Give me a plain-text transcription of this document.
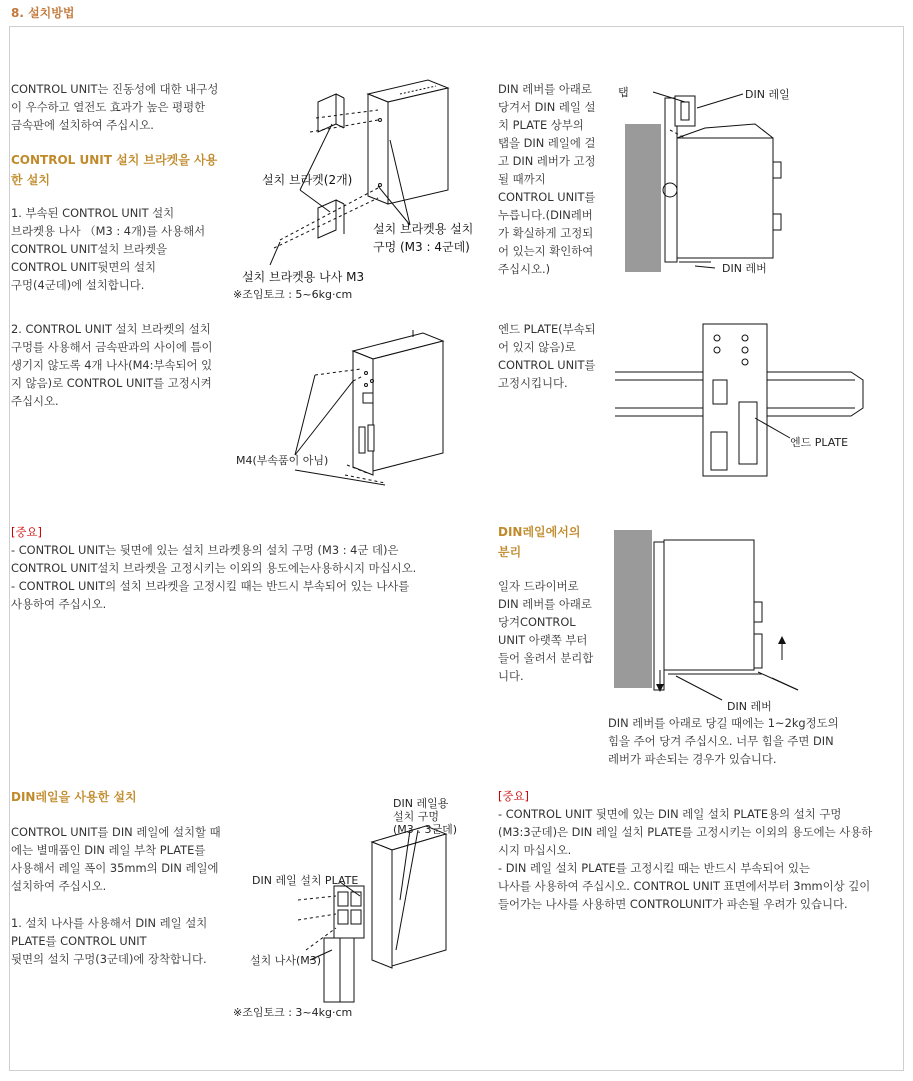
8. 설치방법

CONTROL UNIT는 진동성에 대한 내구성

이 우수하고 열전도 효과가 높은 평평한

금속판에 설치하여 주십시오.

CONTROL UNIT 설치 브라켓을 사용

한 설치

1. 부속된 CONTROL UNIT 설치

브라켓용 나사 （M3 : 4개)를 사용해서

CONTROL UNIT설치 브라켓을

CONTROL UNIT뒷면의 설치

구멍(4군데)에 설치합니다.

2. CONTROL UNIT 설치 브라켓의 설치

구멍를 사용해서 금속판과의 사이에 틈이

생기지 않도록 4개 나사(M4:부속되어 있

지 않음)로 CONTROL UNIT를 고정시켜

주십시오.

[중요]

- CONTROL UNIT는 뒷면에 있는 설치 브라켓용의 설치 구멍 (M3 : 4군 데)은

CONTROL UNIT설치 브라켓을 고정시키는 이외의 용도에는사용하시지 마십시오.

- CONTROL UNIT의 설치 브라켓을 고정시킬 때는 반드시 부속되어 있는 나사를

사용하여 주십시오.

DIN레일을 사용한 설치

CONTROL UNIT를 DIN 레일에 설치할 때

에는 별매품인 DIN 레일 부착 PLATE를

사용해서 레일 폭이 35mm의 DIN 레일에

설치하여 주십시오.

1. 설치 나사를 사용해서 DIN 레일 설치

PLATE를 CONTROL UNIT

뒷면의 설치 구멍(3군데)에 장착합니다.

설치 브라켓(2개)
설치 브라켓용 설치
구멍 (M3 : 4군데)
설치 브라켓용 나사 M3
※조임토크 : 5~6kg·cm
M4(부속품이 아님)
DIN 레일용
설치 구멍
(M3 : 3군데)
DIN 레일 설치 PLATE
설치 나사(M3)
※조임토크 : 3~4kg·cm

DIN 레버를 아래로

당겨서 DIN 레일 설

치 PLATE 상부의

탭을 DIN 레일에 걸

고 DIN 레버가 고정

될 때까지

CONTROL UNIT를

누릅니다.(DIN레버

가 확실하게 고정되

어 있는지 확인하여

주십시오.)

엔드 PLATE(부속되

어 있지 않음)로

CONTROL UNIT를

고정시킵니다.

DIN레일에서의

분리

일자 드라이버로

DIN 레버를 아래로

당겨CONTROL

UNIT 아랫쪽 부터

들어 올려서 분리합

니다.

DIN 레버를 아래로 당길 때에는 1~2kg정도의

힘을 주어 당겨 주십시오. 너무 힘을 주면 DIN

레버가 파손되는 경우가 있습니다.

[중요]

- CONTROL UNIT 뒷면에 있는 DIN 레일 설치 PLATE용의 설치 구멍

(M3:3군데)은 DIN 레일 설치 PLATE를 고정시키는 이외의 용도에는 사용하

시지 마십시오.

- DIN 레일 설치 PLATE를 고정시킬 때는 반드시 부속되어 있는

나사를 사용하여 주십시오. CONTROL UNIT 표면에서부터 3mm이상 깊이

들어가는 나사를 사용하면 CONTROLUNIT가 파손될 우려가 있습니다.

탭	DIN 레일
DIN 레버
엔드 PLATE
DIN 레버
